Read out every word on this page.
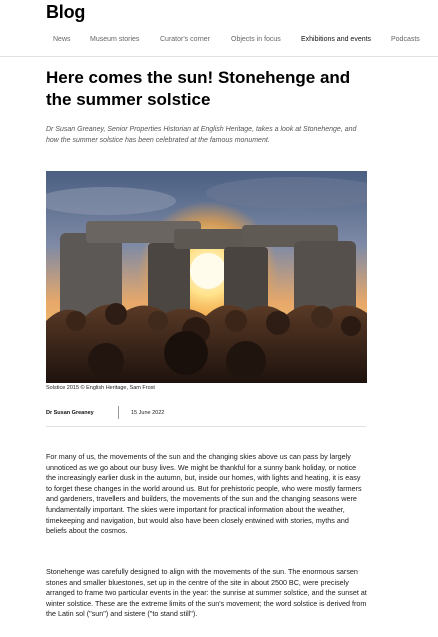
Blog
News	Museum stories	Curator's corner	Objects in focus	Exhibitions and events	Podcasts
Here comes the sun! Stonehenge and the summer solstice

Dr Susan Greaney, Senior Properties Historian at English Heritage, takes a look at Stonehenge, and how the summer solstice has been celebrated at the famous monument.

Solstice 2015 © English Heritage, Sam Frost
Dr Susan Greaney	15 June 2022

For many of us, the movements of the sun and the changing skies above us can pass by largely unnoticed as we go about our busy lives. We might be thankful for a sunny bank holiday, or notice the increasingly earlier dusk in the autumn, but, inside our homes, with lights and heating, it is easy to forget these changes in the world around us. But for prehistoric people, who were mostly farmers and gardeners, travellers and builders, the movements of the sun and the changing seasons were fundamentally important. The skies were important for practical information about the weather, timekeeping and navigation, but would also have been closely entwined with stories, myths and beliefs about the cosmos.

Stonehenge was carefully designed to align with the movements of the sun. The enormous sarsen stones and smaller bluestones, set up in the centre of the site in about 2500 BC, were precisely arranged to frame two particular events in the year: the sunrise at summer solstice, and the sunset at winter solstice. These are the extreme limits of the sun's movement; the word solstice is derived from the Latin sol ("sun") and sistere ("to stand still").
